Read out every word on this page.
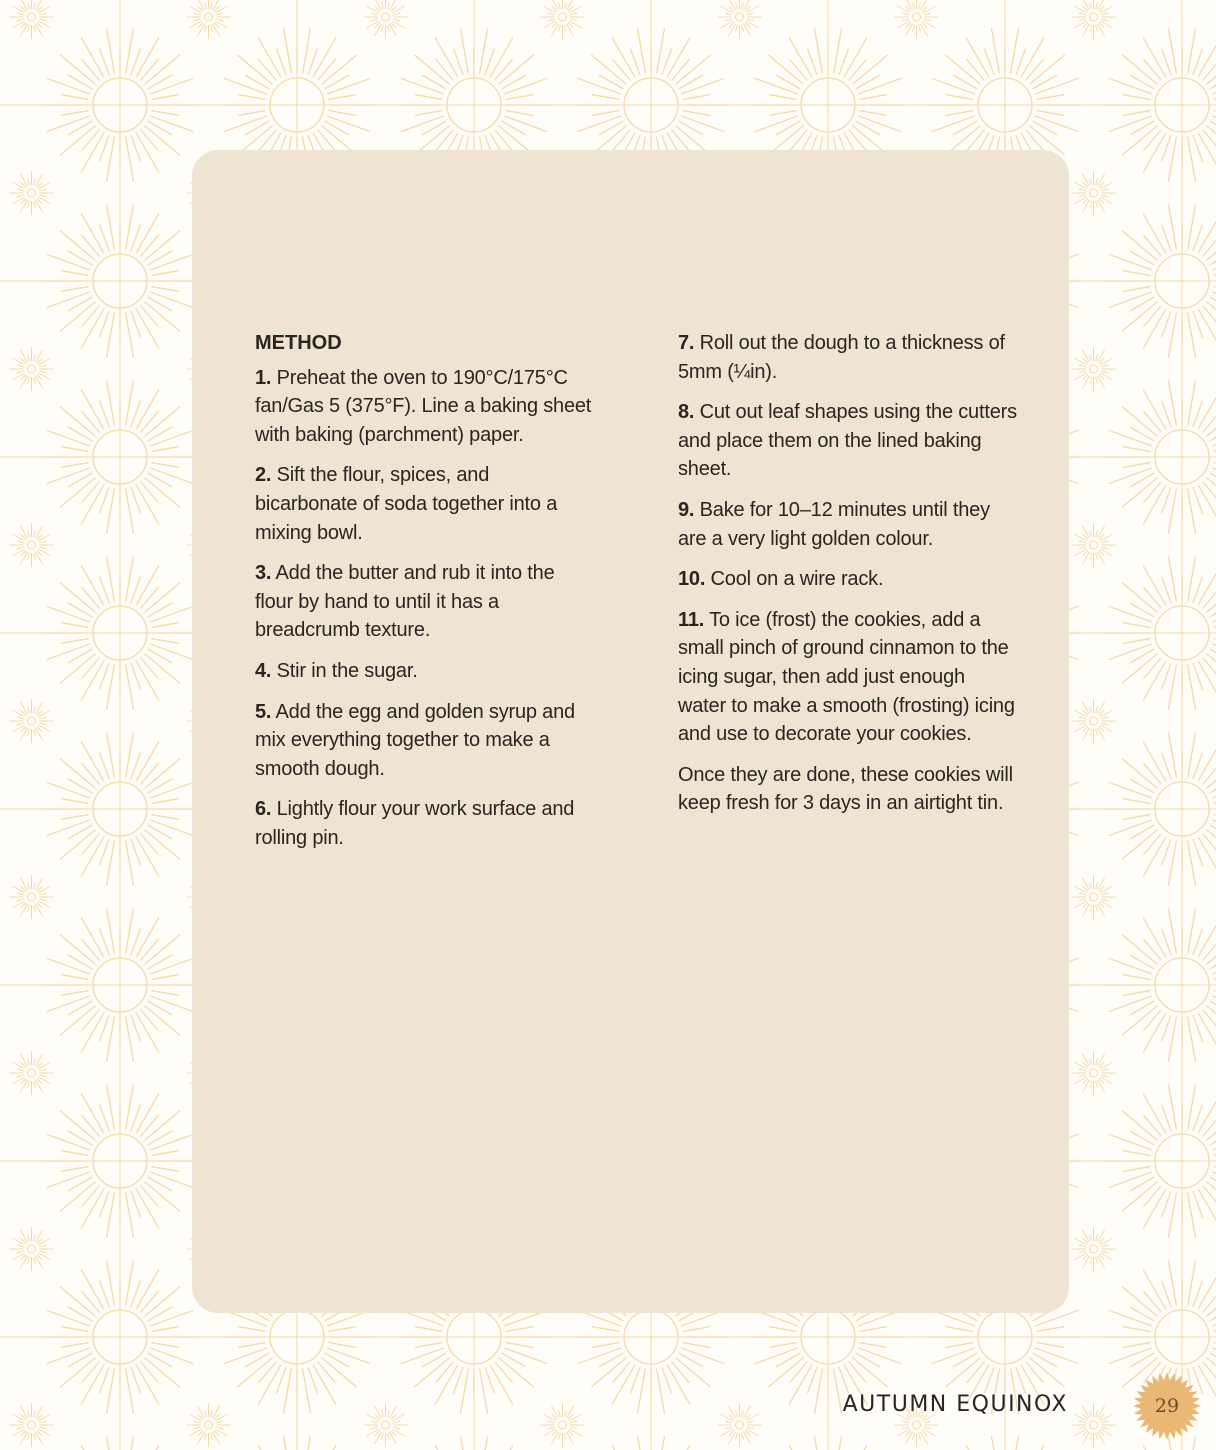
METHOD

1. Preheat the oven to 190°C/175°C fan/Gas 5 (375°F). Line a baking sheet with baking (parchment) paper.

2. Sift the flour, spices, and bicarbonate of soda together into a mixing bowl.

3. Add the butter and rub it into the flour by hand to until it has a breadcrumb texture.

4. Stir in the sugar.

5. Add the egg and golden syrup and mix everything together to make a smooth dough.

6. Lightly flour your work surface and rolling pin.

7. Roll out the dough to a thickness of 5mm (¼in).

8. Cut out leaf shapes using the cutters and place them on the lined baking sheet.

9. Bake for 10–12 minutes until they are a very light golden colour.

10. Cool on a wire rack.

11. To ice (frost) the cookies, add a small pinch of ground cinnamon to the icing sugar, then add just enough water to make a smooth (frosting) icing and use to decorate your cookies.

Once they are done, these cookies will keep fresh for 3 days in an airtight tin.

AUTUMN EQUINOX	29
